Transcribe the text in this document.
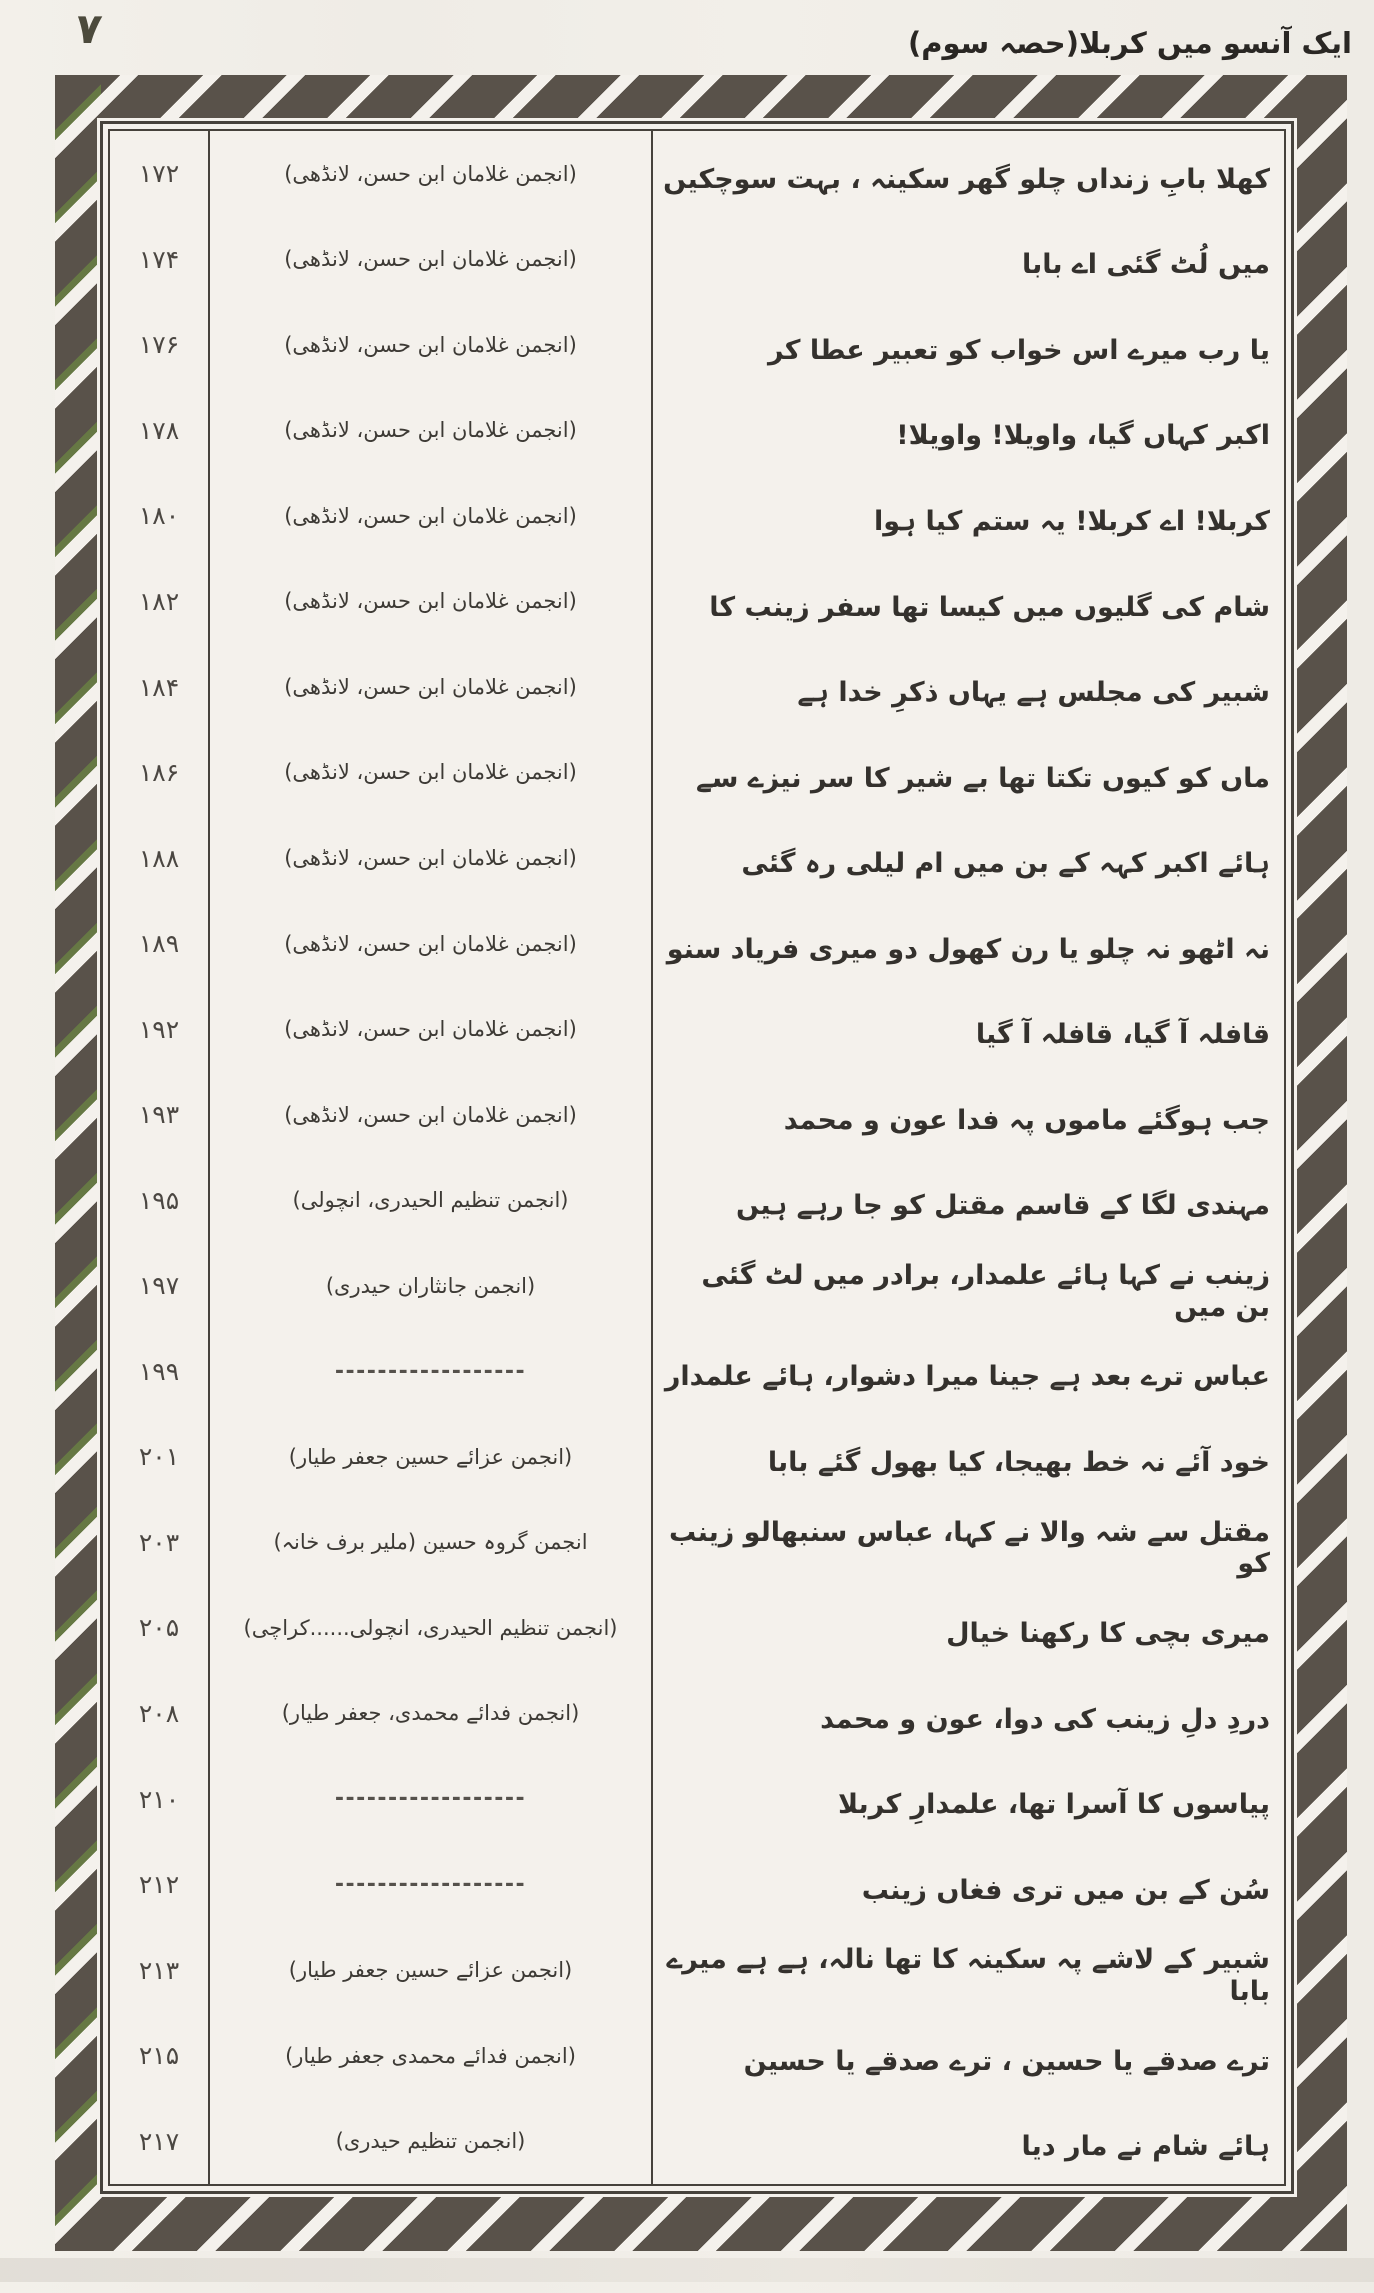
۷	ایک آنسو میں کربلا(حصہ سوم)
۱۷۲	(انجمن غلامان ابن حسن، لانڈھی)	کھلا بابِ زنداں چلو گھر سکینہ ، بہت سوچکیں
۱۷۴	(انجمن غلامان ابن حسن، لانڈھی)	میں لُٹ گئی اے بابا
۱۷۶	(انجمن غلامان ابن حسن، لانڈھی)	یا رب میرے اس خواب کو تعبیر عطا کر
۱۷۸	(انجمن غلامان ابن حسن، لانڈھی)	اکبر کہاں گیا، واویلا! واویلا!
۱۸۰	(انجمن غلامان ابن حسن، لانڈھی)	کربلا! اے کربلا! یہ ستم کیا ہوا
۱۸۲	(انجمن غلامان ابن حسن، لانڈھی)	شام کی گلیوں میں کیسا تھا سفر زینب کا
۱۸۴	(انجمن غلامان ابن حسن، لانڈھی)	شبیر کی مجلس ہے یہاں ذکرِ خدا ہے
۱۸۶	(انجمن غلامان ابن حسن، لانڈھی)	ماں کو کیوں تکتا تھا بے شیر کا سر نیزے سے
۱۸۸	(انجمن غلامان ابن حسن، لانڈھی)	ہائے اکبر کہہ کے بن میں ام لیلی رہ گئی
۱۸۹	(انجمن غلامان ابن حسن، لانڈھی)	نہ اٹھو نہ چلو یا رن کھول دو میری فریاد سنو
۱۹۲	(انجمن غلامان ابن حسن، لانڈھی)	قافلہ آ گیا، قافلہ آ گیا
۱۹۳	(انجمن غلامان ابن حسن، لانڈھی)	جب ہوگئے ماموں پہ فدا عون و محمد
۱۹۵	(انجمن تنظیم الحیدری، انچولی)	مہندی لگا کے قاسم مقتل کو جا رہے ہیں
۱۹۷	(انجمن جانثاران حیدری)	زینب نے کہا ہائے علمدار، برادر میں لٹ گئی بن میں
۱۹۹	------------------	عباس ترے بعد ہے جینا میرا دشوار، ہائے علمدار
۲۰۱	(انجمن عزائے حسین جعفر طیار)	خود آئے نہ خط بھیجا، کیا بھول گئے بابا
۲۰۳	انجمن گروہ حسین (ملیر برف خانہ)	مقتل سے شہ والا نے کہا، عباس سنبھالو زینب کو
۲۰۵	(انجمن تنظیم الحیدری، انچولی......کراچی)	میری بچی کا رکھنا خیال
۲۰۸	(انجمن فدائے محمدی، جعفر طیار)	دردِ دلِ زینب کی دوا، عون و محمد
۲۱۰	------------------	پیاسوں کا آسرا تھا، علمدارِ کربلا
۲۱۲	------------------	سُن کے بن میں تری فغاں زینب
۲۱۳	(انجمن عزائے حسین جعفر طیار)	شبیر کے لاشے پہ سکینہ کا تھا نالہ، ہے ہے میرے بابا
۲۱۵	(انجمن فدائے محمدی جعفر طیار)	ترے صدقے یا حسین ، ترے صدقے یا حسین
۲۱۷	(انجمن تنظیم حیدری)	ہائے شام نے مار دیا
